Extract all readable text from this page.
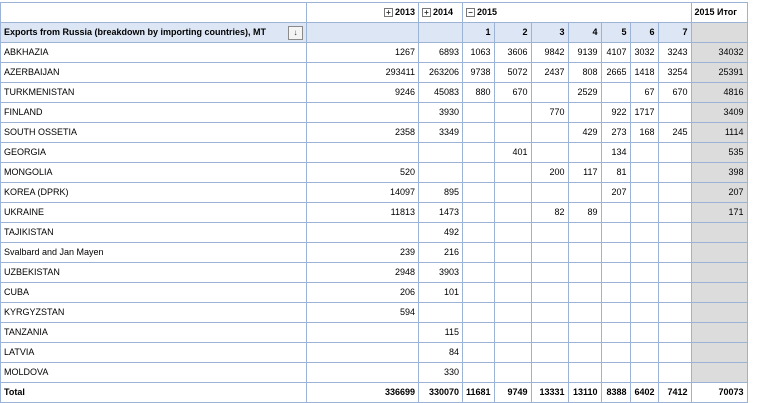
	+ 2013	+ 2014	− 2015							2015 Итог
Exports from Russia (breakdown by importing countries), MT ↓			1	2	3	4	5	6	7	
ABKHAZIA	1267	6893	1063	3606	9842	9139	4107	3032	3243	34032
AZERBAIJAN	293411	263206	9738	5072	2437	808	2665	1418	3254	25391
TURKMENISTAN	9246	45083	880	670		2529		67	670	4816
FINLAND		3930			770		922	1717		3409
SOUTH OSSETIA	2358	3349				429	273	168	245	1114
GEORGIA				401			134			535
MONGOLIA	520				200	117	81			398
KOREA (DPRK)	14097	895					207			207
UKRAINE	11813	1473			82	89				171
TAJIKISTAN		492								
Svalbard and Jan Mayen	239	216								
UZBEKISTAN	2948	3903								
CUBA	206	101								
KYRGYZSTAN	594									
TANZANIA		115								
LATVIA		84								
MOLDOVA		330								
Total	336699	330070	11681	9749	13331	13110	8388	6402	7412	70073
